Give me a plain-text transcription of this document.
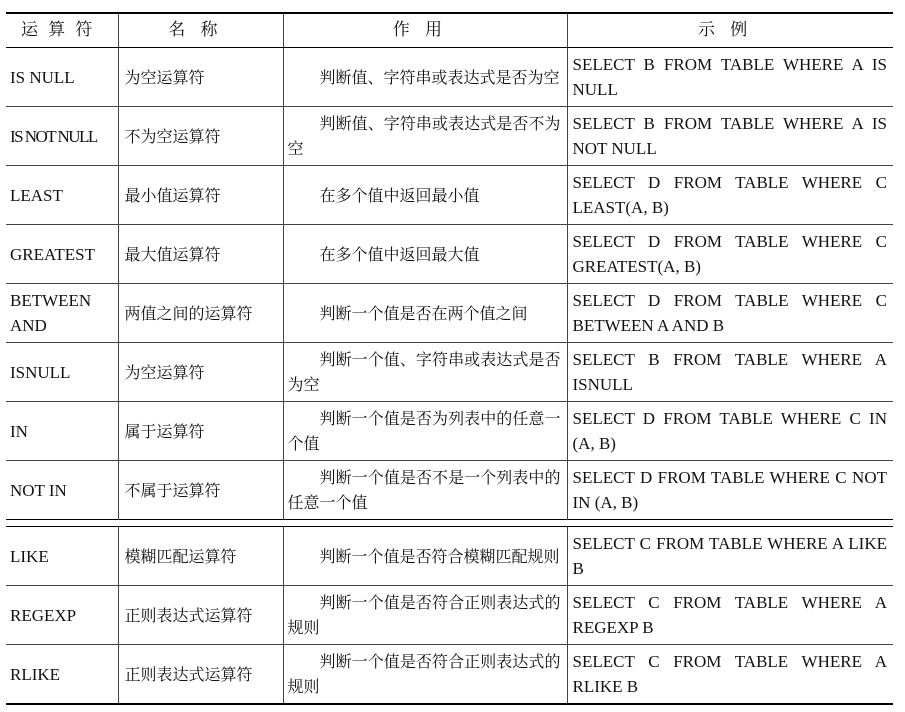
运算符	名称	作用	示例
IS NULL	为空运算符	判断值、字符串或表达式是否为空	SELECT B FROM TABLE WHERE A IS NULL
IS NOT NULL	不为空运算符	判断值、字符串或表达式是否不为空	SELECT B FROM TABLE WHERE A IS NOT NULL
LEAST	最小值运算符	在多个值中返回最小值	SELECT D FROM TABLE WHERE C LEAST(A, B)
GREATEST	最大值运算符	在多个值中返回最大值	SELECT D FROM TABLE WHERE C GREATEST(A, B)
BETWEEN AND	两值之间的运算符	判断一个值是否在两个值之间	SELECT D FROM TABLE WHERE C BETWEEN A AND B
ISNULL	为空运算符	判断一个值、字符串或表达式是否为空	SELECT B FROM TABLE WHERE A ISNULL
IN	属于运算符	判断一个值是否为列表中的任意一个值	SELECT D FROM TABLE WHERE C IN (A, B)
NOT IN	不属于运算符	判断一个值是否不是一个列表中的任意一个值	SELECT D FROM TABLE WHERE C NOT IN (A, B)

LIKE	模糊匹配运算符	判断一个值是否符合模糊匹配规则	SELECT C FROM TABLE WHERE A LIKE B
REGEXP	正则表达式运算符	判断一个值是否符合正则表达式的规则	SELECT C FROM TABLE WHERE A REGEXP B
RLIKE	正则表达式运算符	判断一个值是否符合正则表达式的规则	SELECT C FROM TABLE WHERE A RLIKE B
